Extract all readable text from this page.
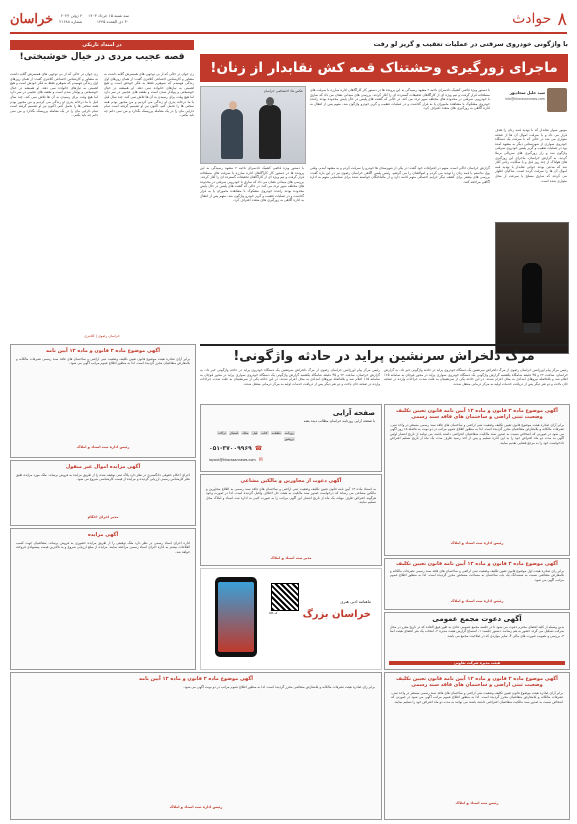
۸
حوادث
سه شنبه ۱۵ خرداد ۱۴۰۳
۳۰ ذی القعده ۱۴۴۵
۴ ژوئن ۲۰۲۴
شماره ۲۱۶۸۸
خراسان
با واژگونی خودروی سرقتی در عملیات تعقیب و گریز لو رفت
ماجرای زورگیری وحشتناک قمه کش نقابدار از زنان!
سید خلیل سجادپور
info@khorasannews.com
موتور سوار نقابدار که با تهدید قمه زنان را هدف قرار می داد و با سرقت اموال آن ها از صحنه متواری می شد در حالی که با سرقت یک دستگاه خودروی سواری از شهرستانی دیگر به مشهد آمده بود در عملیات تعقیب و گریز پلیس خودروی سرقتی واژگون شد و راز زورگیری های سریالی برملا گردید. به گزارش خراسان، ماجرای این زورگیری های هولناک از چند روز قبل و با شکایت زنانی آغاز شد که مدعی بودند جوانی نقابدار با تهدید قمه اموال آن ها را سرقت کرده است. شاکیان اظهار می کردند که سارق مسلح با سرعت از محل متواری شده است.
با دستور ویژه قاضی کشیک دادسرای ناحیه ۲ مشهد رسیدگی به این پرونده ها در دستور کار کارآگاهان اداره مبارزه با سرقت های مسلحانه قرار گرفت و تیم ویژه ای از کارآگاهان تحقیقات گسترده ای را آغاز کردند. بررسی های میدانی نشان می داد که سارق با خودرویی سرقتی در محدوده های مختلف شهر تردد می کند. در حالی که گشت های پلیس در حال پایش محدوده بودند راننده خودروی مشکوک با مشاهده ماموران پا به فرار گذاشت و در عملیات تعقیب و گریز خودرو واژگون شد. متهم پس از انتقال به اداره آگاهی به زورگیری های متعدد اعتراف کرد.
عکس ها: اختصاصی خراسان
گزارش خراسان حاکی است، متهم در اعترافات خود گفت: در یکی از شهرستان ها خودرو را سرقت کردم و به مشهد آمدم. وقتی پول نداشتم با قمه زنان را تهدید می کردم و اموالشان را می گرفتم. رئیس پلیس آگاهی خراسان رضوی نیز در این باره گفت: بررسی های بیشتر برای کشف دیگر جرایم احتمالی متهم ادامه دارد و از مالباختگان خواسته شده برای شناسایی متهم به اداره آگاهی مراجعه کنند.
با دستور ویژه قاضی کشیک دادسرای ناحیه ۲ مشهد رسیدگی به این پرونده ها در دستور کار کارآگاهان اداره مبارزه با سرقت های مسلحانه قرار گرفت و تیم ویژه ای از کارآگاهان تحقیقات گسترده ای را آغاز کردند. بررسی های میدانی نشان می داد که سارق با خودرویی سرقتی در محدوده های مختلف شهر تردد می کند. در حالی که گشت های پلیس در حال پایش محدوده بودند راننده خودروی مشکوک با مشاهده ماموران پا به فرار گذاشت و در عملیات تعقیب و گریز خودرو واژگون شد. متهم پس از انتقال به اداره آگاهی به زورگیری های متعدد اعتراف کرد.
در امتداد تاریکی
قصه عجیب مردی در خیال خوشبختی!
زن جوان در حالی که از بی توجهی های همسرش گلایه داشت به مشاور و کارشناس اجتماعی کلانتری گفت: از همان روزهای اول زندگی فهمیدم که شوهرم فقط به فکر خودش است و هیچ اهمیتی به نیازهای خانواده نمی دهد. او همیشه در خیال خوشبختی و پولدار شدن است و نقشه های عجیبی در سر دارد اما هیچ وقت برای رسیدن به آن ها تلاش نمی کند. چند سال قبل با ما درخانه پدری او زندگی می کردیم و من مجبور بودم همه سختی ها را تحمل کنم. اکنون نیز او تصمیم گرفته است تمام دارایی مان را در یک معامله پرریسک بگذارد و من نمی دانم چه باید بکنم...
زن جوان در حالی که از بی توجهی های همسرش گلایه داشت به مشاور و کارشناس اجتماعی کلانتری گفت: از همان روزهای اول زندگی فهمیدم که شوهرم فقط به فکر خودش است و هیچ اهمیتی به نیازهای خانواده نمی دهد. او همیشه در خیال خوشبختی و پولدار شدن است و نقشه های عجیبی در سر دارد اما هیچ وقت برای رسیدن به آن ها تلاش نمی کند. چند سال قبل با ما درخانه پدری او زندگی می کردیم و من مجبور بودم همه سختی ها را تحمل کنم. اکنون نیز او تصمیم گرفته است تمام دارایی مان را در یک معامله پرریسک بگذارد و من نمی دانم چه باید بکنم...
خراسان رضوی | کلانتری
مرگ دلخراش سرنشین پراید در حادثه واژگونی!
رئیس مرکز پیام اورژانس خراسان رضوی از مرگ دلخراش سرنشین یک دستگاه خودروی پراید در حادثه واژگونی خبر داد. به گزارش خراسان، ساعت ۲۲ و ۴۵ دقیقه شامگاه یکشنبه گزارش واژگونی یک دستگاه خودروی سواری پراید در محور قوچان به سامانه ۱۱۵ اعلام شد و بلافاصله نیروهای امدادی به محل اعزام شدند. در این حادثه یکی از سرنشینان به علت شدت جراحات وارده در صحنه جان باخت و دو نفر دیگر پس از دریافت خدمات اولیه به مرکز درمانی منتقل شدند.
رئیس مرکز پیام اورژانس خراسان رضوی از مرگ دلخراش سرنشین یک دستگاه خودروی پراید در حادثه واژگونی خبر داد. به گزارش خراسان، ساعت ۲۲ و ۴۵ دقیقه شامگاه یکشنبه گزارش واژگونی یک دستگاه خودروی سواری پراید در محور قوچان به سامانه ۱۱۵ اعلام شد و بلافاصله نیروهای امدادی به محل اعزام شدند. در این حادثه یکی از سرنشینان به علت شدت جراحات وارده در صحنه جان باخت و دو نفر دیگر پس از دریافت خدمات اولیه به مرکز درمانی منتقل شدند.
صفحه آرایی
با صفحه آرایی روزنامه خراسان مطالب دیده بشه
روزنامه
ماهنامه
کتاب
لیبل
مجله
استیکر
تراکت
بروشور
☎
۰۵۱-۳۷۰۰۹۹۶۹
✉
layout@khorasannews.com
آگهی دعوت از مجاورین و مالکین مشاعی
به استناد ماده ۱۳ آیین نامه قانون تعیین تکلیف وضعیت ثبتی اراضی و ساختمان های فاقد سند رسمی به اطلاع مجاورین و مالکین مشاعی می رساند که درخواست صدور سند مالکیت به هیئت حل اختلاف واصل گردیده است. لذا در صورت وجود هرگونه اعتراض ظرف مهلت یک ماه از تاریخ انتشار این آگهی مراتب را به صورت کتبی به اداره ثبت اسناد و املاک محل تسلیم نمایند.
مدیر ثبت اسناد و املاک
خراسان بزرگ
ماهنامه ادبی هنری
کد QR
آگهی موضوع ماده ۳ قانون و ماده ۱۳ آیین نامه قانون تعیین تکلیف وضعیت ثبتی اراضی و ساختمان های فاقد سند رسمی
برابر آرای صادره هیئت موضوع قانون تعیین تکلیف وضعیت ثبتی اراضی و ساختمان های فاقد سند رسمی مستقر در واحد ثبتی، تصرفات مالکانه و بلامعارض متقاضیان محرز گردیده است. لذا به منظور اطلاع عموم مراتب در دو نوبت به فاصله ۱۵ روز آگهی می شود در صورتی که اشخاص نسبت به صدور سند مالکیت متقاضیان اعتراضی داشته باشند می توانند از تاریخ انتشار اولین آگهی به مدت دو ماه اعتراض خود را به این اداره تسلیم و پس از اخذ رسید ظرف مدت یک ماه از تاریخ تسلیم اعتراض دادخواست خود را به مرجع قضایی تقدیم نمایند.
رئیس اداره ثبت اسناد و املاک
آگهی موضوع ماده ۳ قانون و ماده ۱۳ آیین نامه قانون تعیین تکلیف
برابر رای صادره هیئت اول موضوع قانون تعیین تکلیف وضعیت ثبتی اراضی و ساختمان های فاقد سند رسمی تصرفات مالکانه و بلامعارض متقاضی نسبت به ششدانگ یک باب ساختمان به مساحت مشخص محرز گردیده است. لذا به منظور اطلاع عموم مراتب آگهی می شود.
رئیس اداره ثبت اسناد و املاک
آگهی دعوت مجمع عمومی
بدین وسیله از کلیه اعضای محترم دعوت می شود تا در جلسه مجمع عمومی عادی به طور فوق العاده که در تاریخ مقرر در محل شرکت تشکیل می گردد حضور به هم رسانند. دستور جلسه: ۱- استماع گزارش هیئت مدیره ۲- انتخاب یک نفر اعضای هیئت امنا ۳- بررسی و تصویب صورت های مالی ۴- سایر مواردی که در صلاحیت مجمع می باشد.
هیئت مدیره شرکت تعاونی
آگهی موضوع ماده ۳ قانون و ماده ۱۳ آیین نامه
برابر آرای صادره هیئت موضوع قانون تعیین تکلیف وضعیت ثبتی اراضی و ساختمان های فاقد سند رسمی تصرفات مالکانه و بلامعارض متقاضیان محرز گردیده است. لذا به منظور اطلاع عموم مراتب آگهی می شود.
رئیس اداره ثبت اسناد و املاک
آگهی مزایده اموال غیر منقول
اجرای احکام حقوقی دادگستری در نظر دارد پلاک ثبتی توقیف شده را از طریق مزایده به فروش برساند. ملک مورد مزایده طبق نظر کارشناس رسمی ارزیابی گردیده و مزایده از قیمت کارشناسی شروع می شود.
مدیر اجرای احکام
آگهی مزایده
اداره اجرای اسناد رسمی در نظر دارد ملک توقیفی را از طریق مزایده حضوری به فروش برساند. متقاضیان جهت کسب اطلاعات بیشتر به اداره اجرای اسناد رسمی مراجعه نمایند. مزایده از مبلغ ارزیابی شروع و به بالاترین قیمت پیشنهادی فروخته خواهد شد.
آگهی موضوع ماده ۳ قانون و ماده ۱۳ آیین نامه
برابر رای صادره هیئت تصرفات مالکانه و بلامعارض متقاضی محرز گردیده است. لذا به منظور اطلاع عموم مراتب در دو نوبت آگهی می شود.
رئیس اداره ثبت اسناد و املاک
آگهی موضوع ماده ۳ قانون و ماده ۱۳ آیین نامه قانون تعیین تکلیف وضعیت ثبتی اراضی و ساختمان های فاقد سند رسمی
برابر آرای صادره هیئت موضوع قانون تعیین تکلیف وضعیت ثبتی اراضی و ساختمان های فاقد سند رسمی مستقر در واحد ثبتی، تصرفات مالکانه و بلامعارض متقاضیان محرز گردیده است. لذا به منظور اطلاع عموم مراتب آگهی می شود در صورتی که اشخاص نسبت به صدور سند مالکیت متقاضیان اعتراضی داشته باشند می توانند به مدت دو ماه اعتراض خود را تسلیم نمایند.
رئیس ثبت اسناد و املاک
